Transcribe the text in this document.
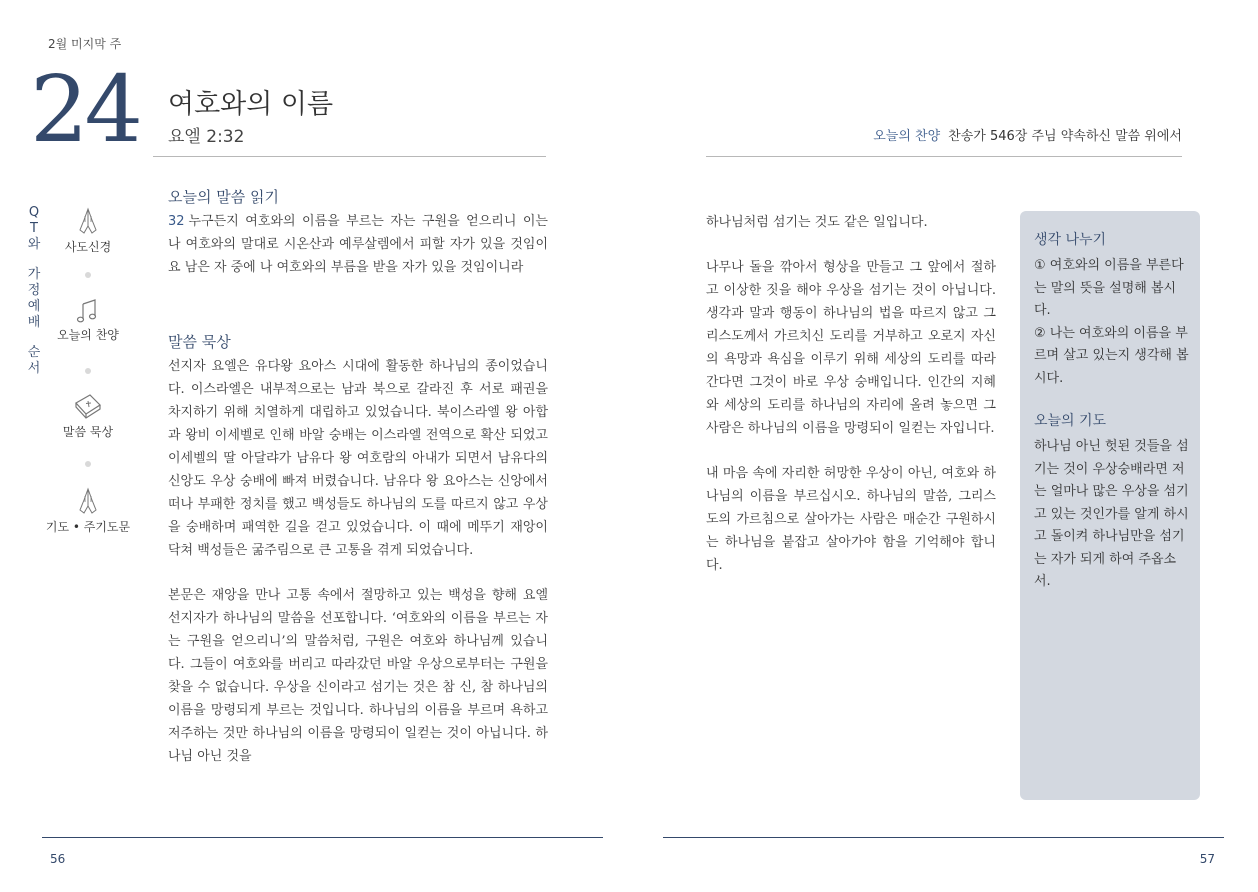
2월 미지막 주
24 여호와의 이름
요엘 2:32	오늘의 찬양 찬송가 546장 주님 약속하신 말씀 위에서
Q
T
와
가
정
예
배
순
서
사도신경
오늘의 찬양
말씀 묵상
기도 • 주기도문
오늘의 말씀 읽기

32 누구든지 여호와의 이름을 부르는 자는 구원을 얻으리니 이는 나 여호와의 말대로 시온산과 예루살렘에서 피할 자가 있을 것임이요 남은 자 중에 나 여호와의 부름을 받을 자가 있을 것임이니라

말씀 묵상

선지자 요엘은 유다왕 요아스 시대에 활동한 하나님의 종이었습니다. 이스라엘은 내부적으로는 남과 북으로 갈라진 후 서로 패권을 차지하기 위해 치열하게 대립하고 있었습니다. 북이스라엘 왕 아합과 왕비 이세벨로 인해 바알 숭배는 이스라엘 전역으로 확산 되었고 이세벨의 딸 아달랴가 남유다 왕 여호람의 아내가 되면서 남유다의 신앙도 우상 숭배에 빠져 버렸습니다. 남유다 왕 요아스는 신앙에서 떠나 부패한 정치를 했고 백성들도 하나님의 도를 따르지 않고 우상을 숭배하며 패역한 길을 걷고 있었습니다. 이 때에 메뚜기 재앙이 닥쳐 백성들은 굶주림으로 큰 고통을 겪게 되었습니다.

본문은 재앙을 만나 고통 속에서 절망하고 있는 백성을 향해 요엘 선지자가 하나님의 말씀을 선포합니다. ‘여호와의 이름을 부르는 자는 구원을 얻으리니’의 말씀처럼, 구원은 여호와 하나님께 있습니다. 그들이 여호와를 버리고 따라갔던 바알 우상으로부터는 구원을 찾을 수 없습니다. 우상을 신이라고 섬기는 것은 참 신, 참 하나님의 이름을 망령되게 부르는 것입니다. 하나님의 이름을 부르며 욕하고 저주하는 것만 하나님의 이름을 망령되이 일컫는 것이 아닙니다. 하나님 아닌 것을

하나님처럼 섬기는 것도 같은 일입니다.

나무나 돌을 깎아서 형상을 만들고 그 앞에서 절하고 이상한 짓을 해야 우상을 섬기는 것이 아닙니다. 생각과 말과 행동이 하나님의 법을 따르지 않고 그리스도께서 가르치신 도리를 거부하고 오로지 자신의 욕망과 욕심을 이루기 위해 세상의 도리를 따라 간다면 그것이 바로 우상 숭배입니다. 인간의 지혜와 세상의 도리를 하나님의 자리에 올려 놓으면 그 사람은 하나님의 이름을 망령되이 일컫는 자입니다.

내 마음 속에 자리한 허망한 우상이 아닌, 여호와 하나님의 이름을 부르십시오. 하나님의 말씀, 그리스도의 가르침으로 살아가는 사람은 매순간 구원하시는 하나님을 붙잡고 살아가야 함을 기억해야 합니다.

생각 나누기
① 여호와의 이름을 부른다는 말의 뜻을 설명해 봅시다.
② 나는 여호와의 이름을 부르며 살고 있는지 생각해 봅시다.
오늘의 기도
하나님 아닌 헛된 것들을 섬기는 것이 우상숭배라면 저는 얼마나 많은 우상을 섬기고 있는 것인가를 알게 하시고 돌이켜 하나님만을 섬기는 자가 되게 하여 주옵소서.
56	57
